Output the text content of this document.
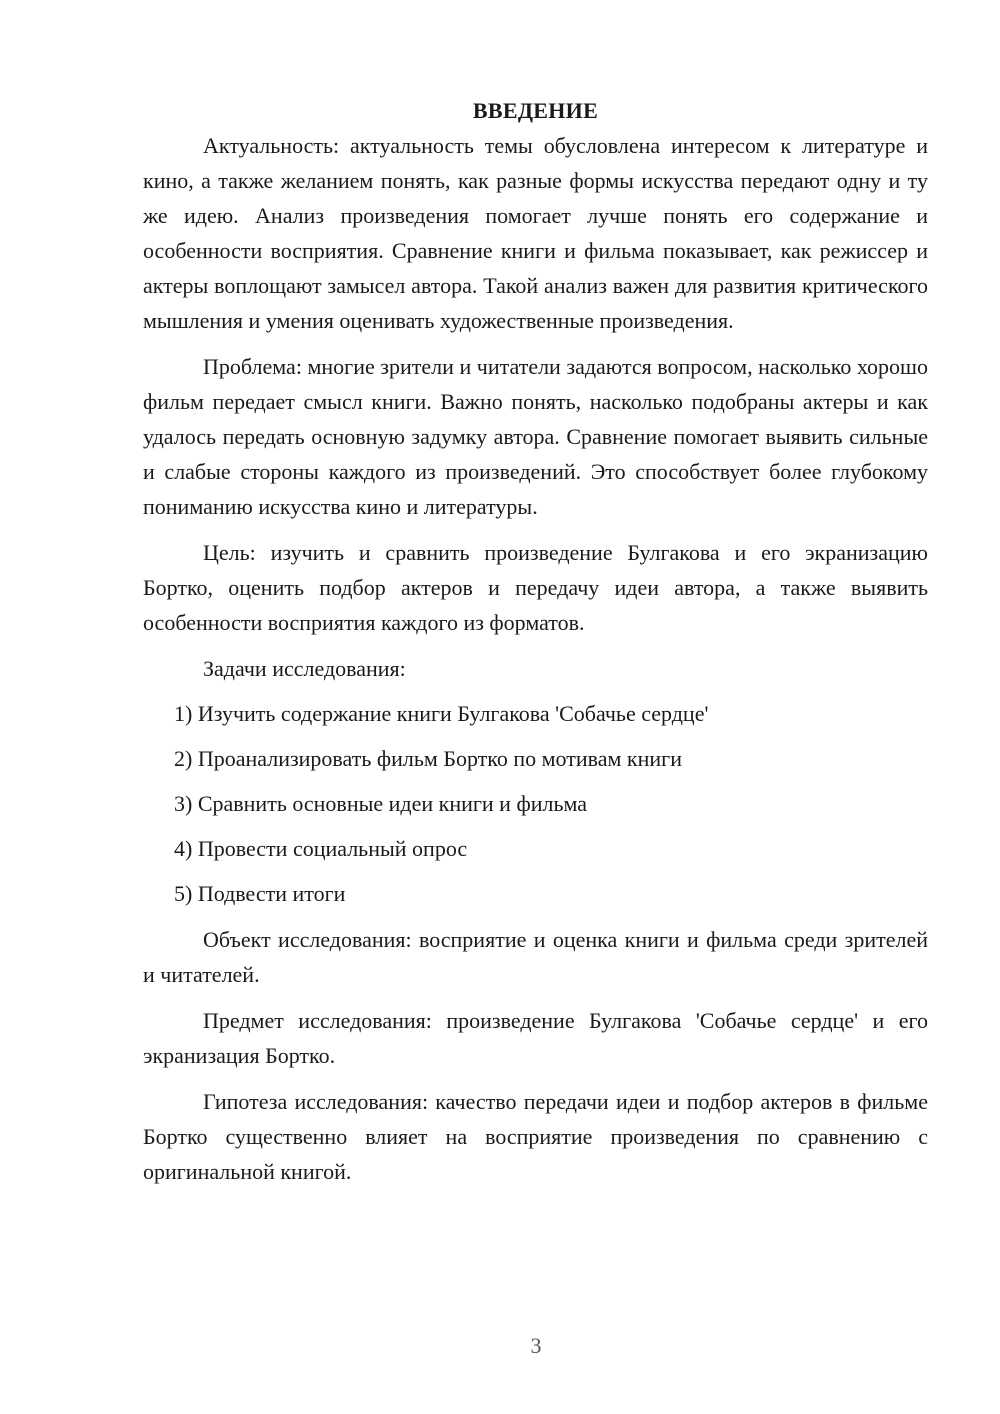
ВВЕДЕНИЕ

Актуальность: актуальность темы обусловлена интересом к литературе и кино, а также желанием понять, как разные формы искусства передают одну и ту же идею. Анализ произведения помогает лучше понять его содержание и особенности восприятия. Сравнение книги и фильма показывает, как режиссер и актеры воплощают замысел автора. Такой анализ важен для развития критического мышления и умения оценивать художественные произведения.

Проблема: многие зрители и читатели задаются вопросом, насколько хорошо фильм передает смысл книги. Важно понять, насколько подобраны актеры и как удалось передать основную задумку автора. Сравнение помогает выявить сильные и слабые стороны каждого из произведений. Это способствует более глубокому пониманию искусства кино и литературы.

Цель: изучить и сравнить произведение Булгакова и его экранизацию Бортко, оценить подбор актеров и передачу идеи автора, а также выявить особенности восприятия каждого из форматов.

Задачи исследования:

1) Изучить содержание книги Булгакова 'Собачье сердце'

2) Проанализировать фильм Бортко по мотивам книги

3) Сравнить основные идеи книги и фильма

4) Провести социальный опрос

5) Подвести итоги

Объект исследования: восприятие и оценка книги и фильма среди зрителей и читателей.

Предмет исследования: произведение Булгакова 'Собачье сердце' и его экранизация Бортко.

Гипотеза исследования: качество передачи идеи и подбор актеров в фильме Бортко существенно влияет на восприятие произведения по сравнению с оригинальной книгой.

3
